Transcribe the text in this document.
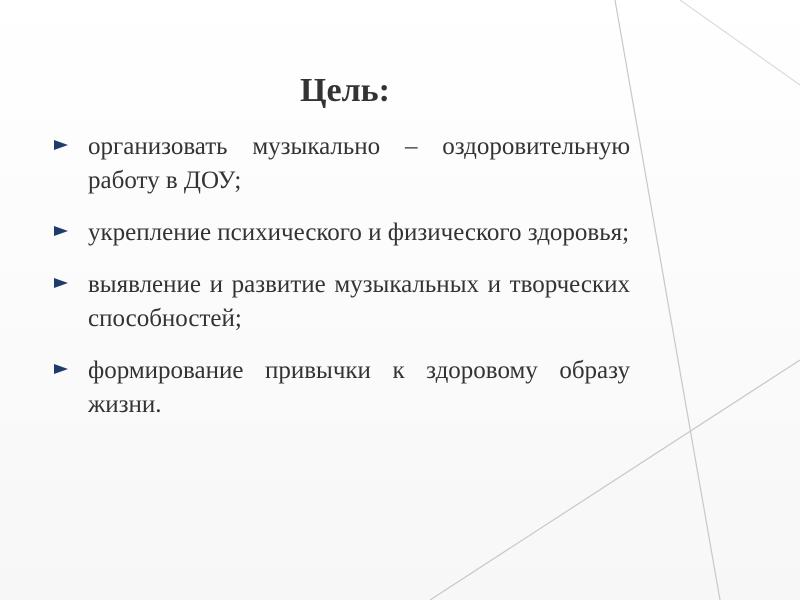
Цель:
организовать музыкально – оздоровительную работу в ДОУ;
укрепление психического и физического здоровья;
выявление и развитие музыкальных и творческих способностей;
формирование привычки к здоровому образу жизни.
